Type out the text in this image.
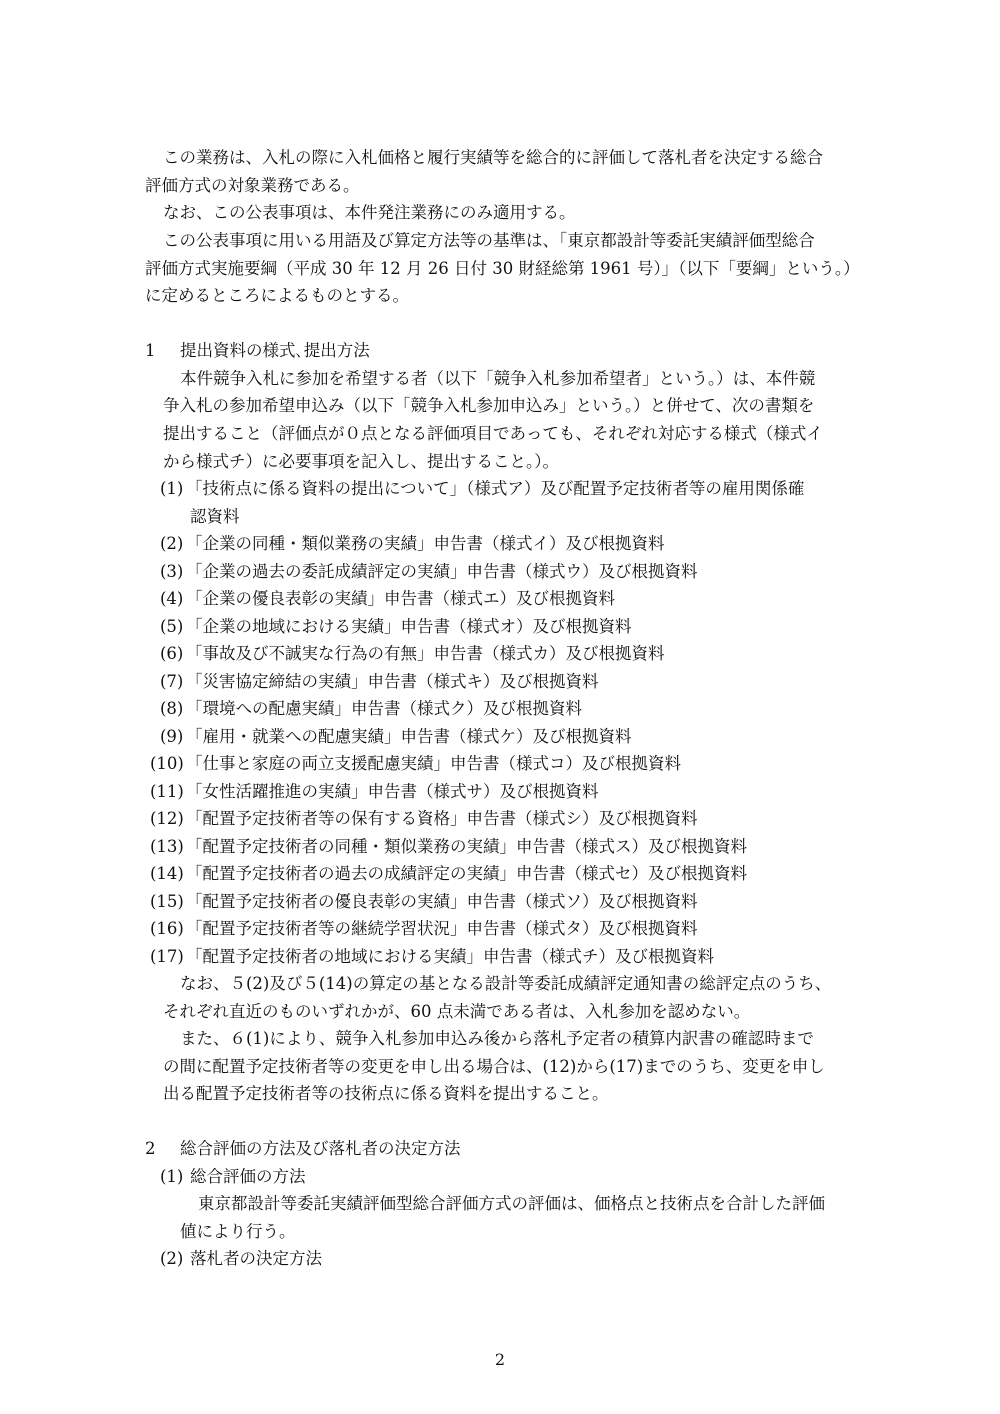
この業務は、入札の際に入札価格と履行実績等を総合的に評価して落札者を決定する総合
評価方式の対象業務である。
なお、この公表事項は、本件発注業務にのみ適用する。
この公表事項に用いる用語及び算定方法等の基準は、「東京都設計等委託実績評価型総合
評価方式実施要綱（平成 30 年 12 月 26 日付 30 財経総第 1961 号）」（以下「要綱」という。）
に定めるところによるものとする。
1 提出資料の様式､提出方法
本件競争入札に参加を希望する者（以下「競争入札参加希望者」という。）は、本件競
争入札の参加希望申込み（以下「競争入札参加申込み」という。）と併せて、次の書類を
提出すること（評価点が０点となる評価項目であっても、それぞれ対応する様式（様式イ
から様式チ）に必要事項を記入し、提出すること。）。
(1) 「技術点に係る資料の提出について」（様式ア）及び配置予定技術者等の雇用関係確
認資料
(2) 「企業の同種・類似業務の実績」申告書（様式イ）及び根拠資料
(3) 「企業の過去の委託成績評定の実績」申告書（様式ウ）及び根拠資料
(4) 「企業の優良表彰の実績」申告書（様式エ）及び根拠資料
(5) 「企業の地域における実績」申告書（様式オ）及び根拠資料
(6) 「事故及び不誠実な行為の有無」申告書（様式カ）及び根拠資料
(7) 「災害協定締結の実績」申告書（様式キ）及び根拠資料
(8) 「環境への配慮実績」申告書（様式ク）及び根拠資料
(9) 「雇用・就業への配慮実績」申告書（様式ケ）及び根拠資料
(10) 「仕事と家庭の両立支援配慮実績」申告書（様式コ）及び根拠資料
(11) 「女性活躍推進の実績」申告書（様式サ）及び根拠資料
(12) 「配置予定技術者等の保有する資格」申告書（様式シ）及び根拠資料
(13) 「配置予定技術者の同種・類似業務の実績」申告書（様式ス）及び根拠資料
(14) 「配置予定技術者の過去の成績評定の実績」申告書（様式セ）及び根拠資料
(15) 「配置予定技術者の優良表彰の実績」申告書（様式ソ）及び根拠資料
(16) 「配置予定技術者等の継続学習状況」申告書（様式タ）及び根拠資料
(17) 「配置予定技術者の地域における実績」申告書（様式チ）及び根拠資料
なお、５(2)及び５(14)の算定の基となる設計等委託成績評定通知書の総評定点のうち、
それぞれ直近のものいずれかが、60 点未満である者は、入札参加を認めない。
また、６(1)により、競争入札参加申込み後から落札予定者の積算内訳書の確認時まで
の間に配置予定技術者等の変更を申し出る場合は、(12)から(17)までのうち、変更を申し
出る配置予定技術者等の技術点に係る資料を提出すること。
2 総合評価の方法及び落札者の決定方法
(1) 総合評価の方法
東京都設計等委託実績評価型総合評価方式の評価は、価格点と技術点を合計した評価
値により行う。
(2) 落札者の決定方法
2
